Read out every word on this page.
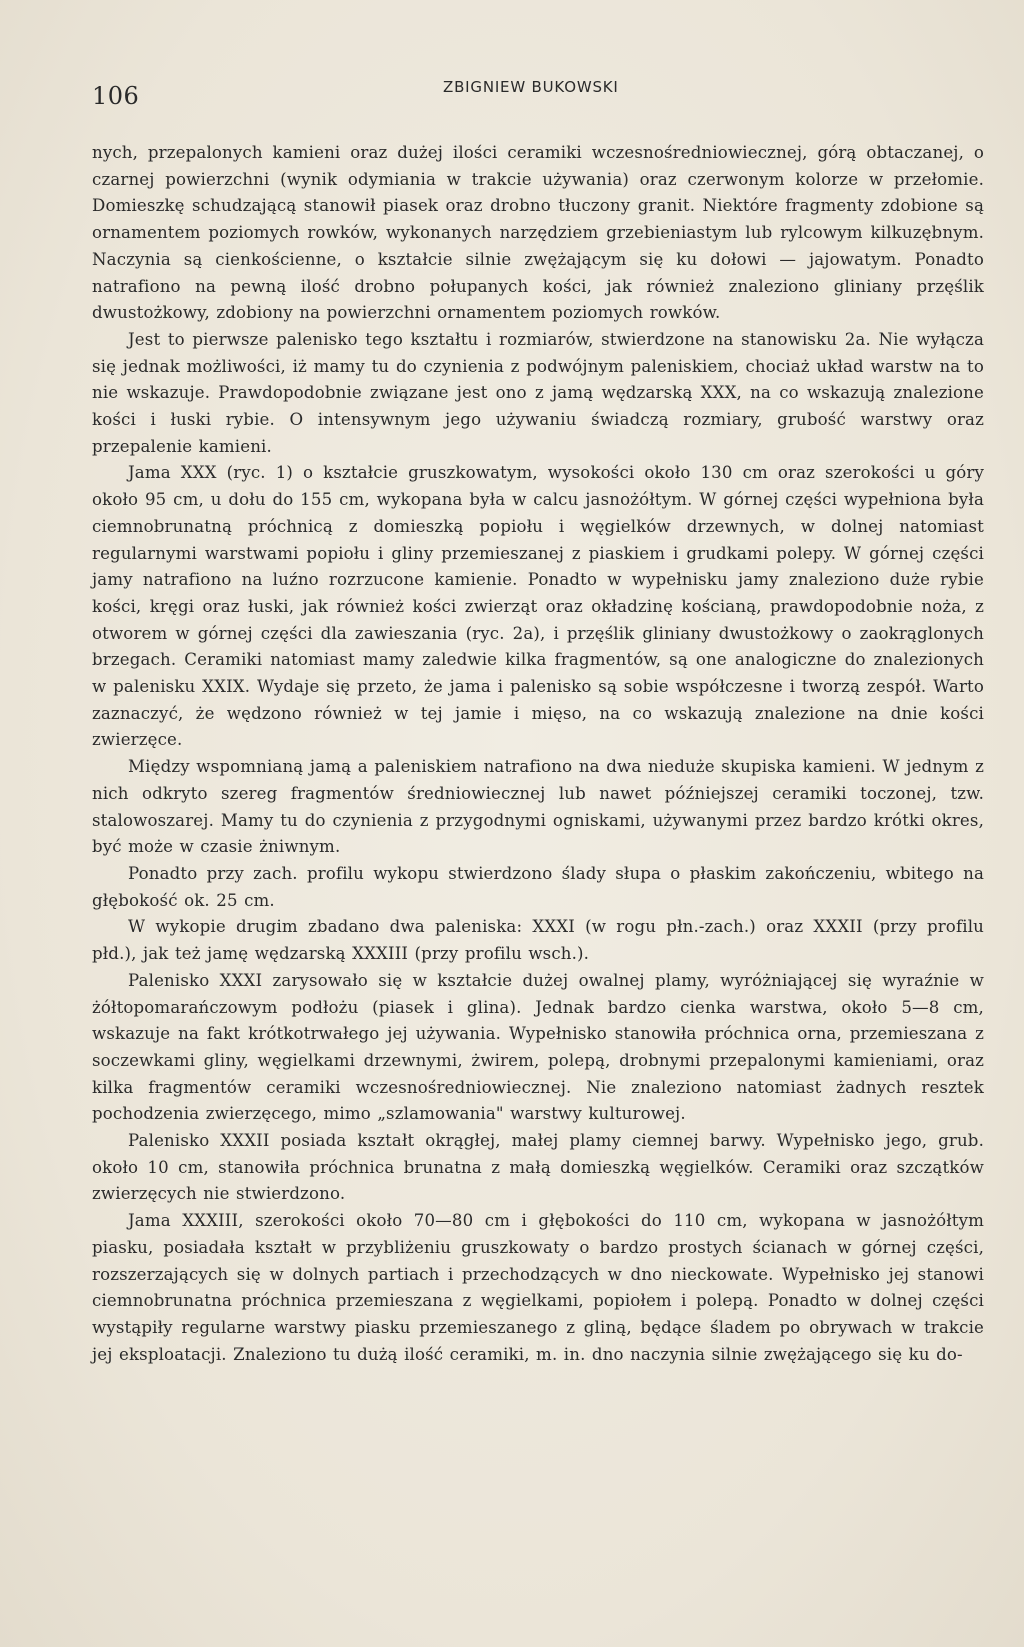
106	ZBIGNIEW BUKOWSKI

nych, przepalonych kamieni oraz dużej ilości ceramiki wczesnośredniowiecznej, górą obtaczanej, o czarnej powierzchni (wynik odymiania w trakcie używania) oraz czerwonym kolorze w przełomie. Domieszkę schudzającą stanowił piasek oraz drobno tłuczony granit. Niektóre fragmenty zdobione są ornamentem poziomych rowków, wykonanych narzędziem grzebieniastym lub rylcowym kilkuzębnym. Naczynia są cienkościenne, o kształcie silnie zwężającym się ku dołowi — jajowatym. Ponadto natrafiono na pewną ilość drobno połupanych kości, jak również znaleziono gliniany przęślik dwustożkowy, zdobiony na powierzchni ornamentem poziomych rowków.

Jest to pierwsze palenisko tego kształtu i rozmiarów, stwierdzone na stanowisku 2a. Nie wyłącza się jednak możliwości, iż mamy tu do czynienia z podwójnym paleniskiem, chociaż układ warstw na to nie wskazuje. Prawdopodobnie związane jest ono z jamą wędzarską XXX, na co wskazują znalezione kości i łuski rybie. O intensywnym jego używaniu świadczą rozmiary, grubość warstwy oraz przepalenie kamieni.

Jama XXX (ryc. 1) o kształcie gruszkowatym, wysokości około 130 cm oraz szerokości u góry około 95 cm, u dołu do 155 cm, wykopana była w calcu jasnożółtym. W górnej części wypełniona była ciemnobrunatną próchnicą z domieszką popiołu i węgielków drzewnych, w dolnej natomiast regularnymi warstwami popiołu i gliny przemieszanej z piaskiem i grudkami polepy. W górnej części jamy natrafiono na luźno rozrzucone kamienie. Ponadto w wypełnisku jamy znaleziono duże rybie kości, kręgi oraz łuski, jak również kości zwierząt oraz okładzinę kościaną, prawdopodobnie noża, z otworem w górnej części dla zawieszania (ryc. 2a), i przęślik gliniany dwustożkowy o zaokrąglonych brzegach. Ceramiki natomiast mamy zaledwie kilka fragmentów, są one analogiczne do znalezionych w palenisku XXIX. Wydaje się przeto, że jama i palenisko są sobie współczesne i tworzą zespół. Warto zaznaczyć, że wędzono również w tej jamie i mięso, na co wskazują znalezione na dnie kości zwierzęce.

Między wspomnianą jamą a paleniskiem natrafiono na dwa nieduże skupiska kamieni. W jednym z nich odkryto szereg fragmentów średniowiecznej lub nawet późniejszej ceramiki toczonej, tzw. stalowoszarej. Mamy tu do czynienia z przygodnymi ogniskami, używanymi przez bardzo krótki okres, być może w czasie żniwnym.

Ponadto przy zach. profilu wykopu stwierdzono ślady słupa o płaskim zakończeniu, wbitego na głębokość ok. 25 cm.

W wykopie drugim zbadano dwa paleniska: XXXI (w rogu płn.-zach.) oraz XXXII (przy profilu płd.), jak też jamę wędzarską XXXIII (przy profilu wsch.).

Palenisko XXXI zarysowało się w kształcie dużej owalnej plamy, wyróżniającej się wyraźnie w żółtopomarańczowym podłożu (piasek i glina). Jednak bardzo cienka warstwa, około 5—8 cm, wskazuje na fakt krótkotrwałego jej używania. Wypełnisko stanowiła próchnica orna, przemieszana z soczewkami gliny, węgielkami drzewnymi, żwirem, polepą, drobnymi przepalonymi kamieniami, oraz kilka fragmentów ceramiki wczesnośredniowiecznej. Nie znaleziono natomiast żadnych resztek pochodzenia zwierzęcego, mimo „szlamowania" warstwy kulturowej.

Palenisko XXXII posiada kształt okrągłej, małej plamy ciemnej barwy. Wypełnisko jego, grub. około 10 cm, stanowiła próchnica brunatna z małą domieszką węgielków. Ceramiki oraz szczątków zwierzęcych nie stwierdzono.

Jama XXXIII, szerokości około 70—80 cm i głębokości do 110 cm, wykopana w jasnożółtym piasku, posiadała kształt w przybliżeniu gruszkowaty o bardzo prostych ścianach w górnej części, rozszerzających się w dolnych partiach i przechodzących w dno nieckowate. Wypełnisko jej stanowi ciemnobrunatna próchnica przemieszana z węgielkami, popiołem i polepą. Ponadto w dolnej części wystąpiły regularne warstwy piasku przemieszanego z gliną, będące śladem po obrywach w trakcie jej eksploatacji. Znaleziono tu dużą ilość ceramiki, m. in. dno naczynia silnie zwężającego się ku do-
